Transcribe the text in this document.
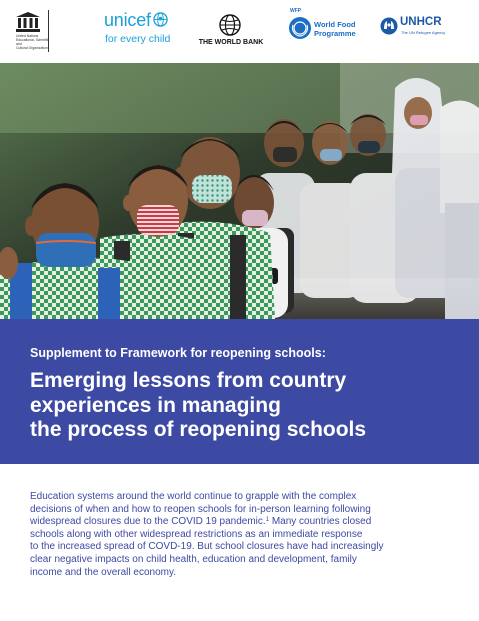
United Nations
Educational, Scientific and
Cultural Organization
unicef
for every child	THE WORLD BANK
WFP
World Food
Programme
UNHCR
The UN Refugee Agency
Supplement to Framework for reopening schools:
Emerging lessons from country
experiences in managing
the process of reopening schools

Education systems around the world continue to grapple with the complex
decisions of when and how to reopen schools for in-person learning following
widespread closures due to the COVID 19 pandemic.$^1$ Many countries closed
schools along with other widespread restrictions as an immediate response
to the increased spread of COVD-19. But school closures have had increasingly
clear negative impacts on child health, education and development, family
income and the overall economy.
